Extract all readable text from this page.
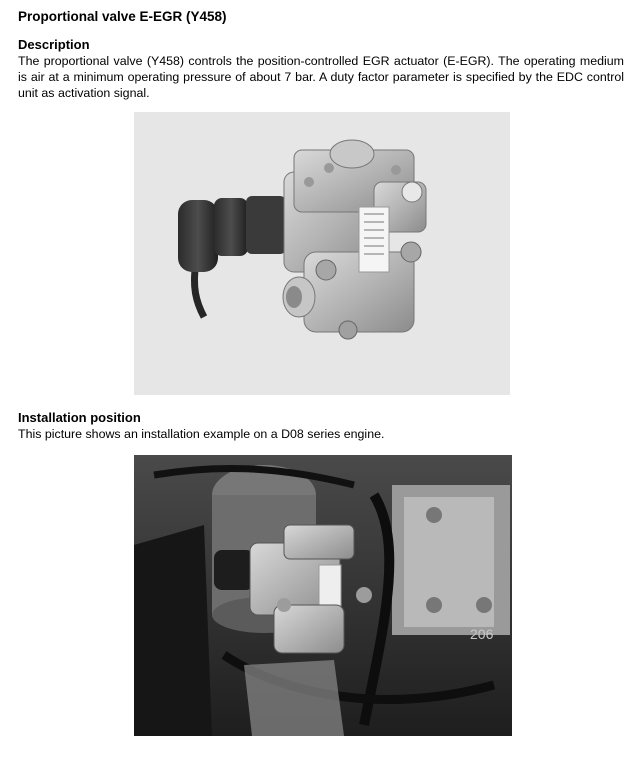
Proportional valve E-EGR (Y458)
Description

The proportional valve (Y458) controls the position-controlled EGR actuator (E-EGR). The operating medium is air at a minimum operating pressure of about 7 bar. A duty factor parameter is specified by the EDC control unit as activation signal.

Installation position

This picture shows an installation example on a D08 series engine.

206
